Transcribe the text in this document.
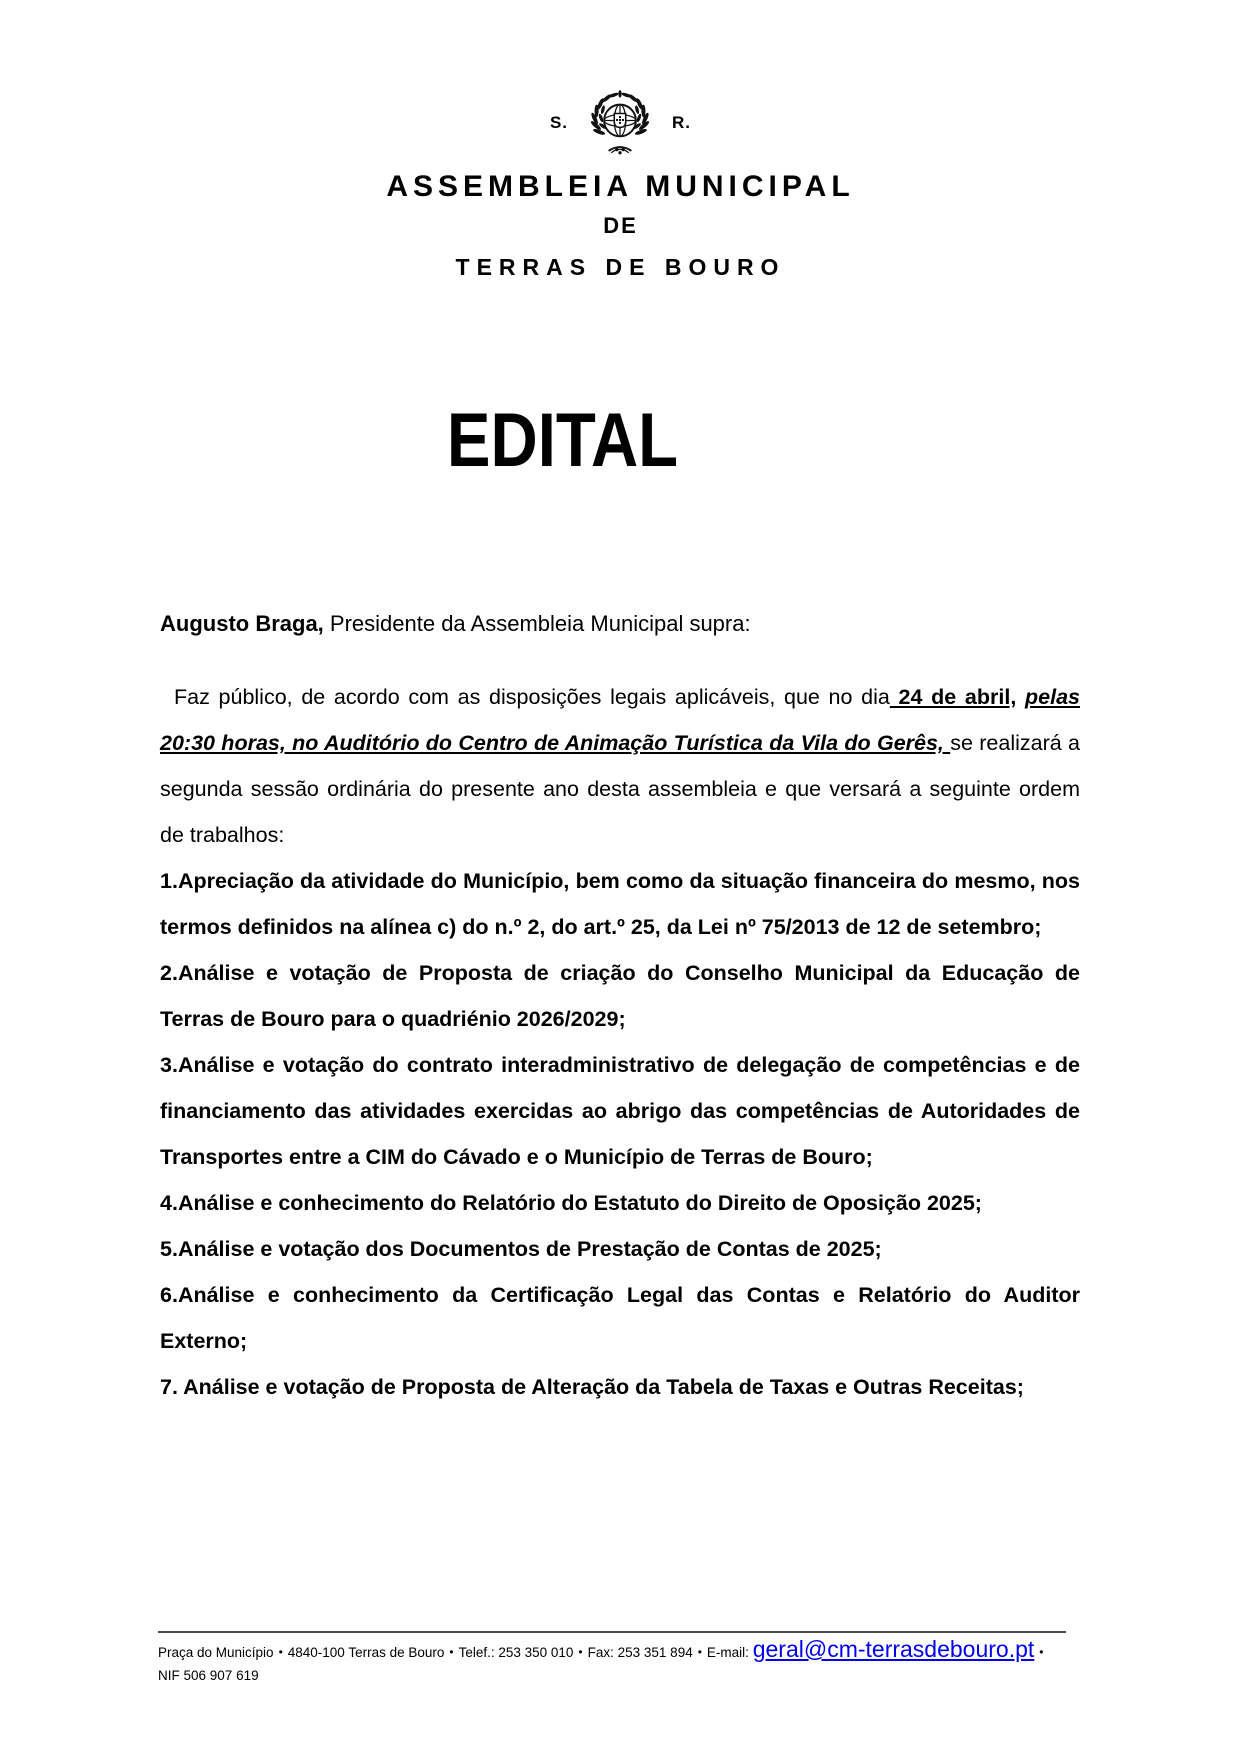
S.	R.
ASSEMBLEIA MUNICIPAL
DE
TERRAS DE BOURO
EDITAL

Augusto Braga, Presidente da Assembleia Municipal supra:

Faz público, de acordo com as disposições legais aplicáveis, que no dia 24 de abril, pelas 20:30 horas, no Auditório do Centro de Animação Turística da Vila do Gerês, se realizará a segunda sessão ordinária do presente ano desta assembleia e que versará a seguinte ordem de trabalhos:

1.Apreciação da atividade do Município, bem como da situação financeira do mesmo, nos termos definidos na alínea c) do n.º 2, do art.º 25, da Lei nº 75/2013 de 12 de setembro;

2.Análise e votação de Proposta de criação do Conselho Municipal da Educação de Terras de Bouro para o quadriénio 2026/2029;

3.Análise e votação do contrato interadministrativo de delegação de competências e de financiamento das atividades exercidas ao abrigo das competências de Autoridades de Transportes entre a CIM do Cávado e o Município de Terras de Bouro;

4.Análise e conhecimento do Relatório do Estatuto do Direito de Oposição 2025;

5.Análise e votação dos Documentos de Prestação de Contas de 2025;

6.Análise e conhecimento da Certificação Legal das Contas e Relatório do Auditor Externo;

7. Análise e votação de Proposta de Alteração da Tabela de Taxas e Outras Receitas;

Praça do Município • 4840-100 Terras de Bouro • Telef.: 253 350 010 • Fax: 253 351 894 • E-mail: geral@cm-terrasdebouro.pt •NIF 506 907 619
